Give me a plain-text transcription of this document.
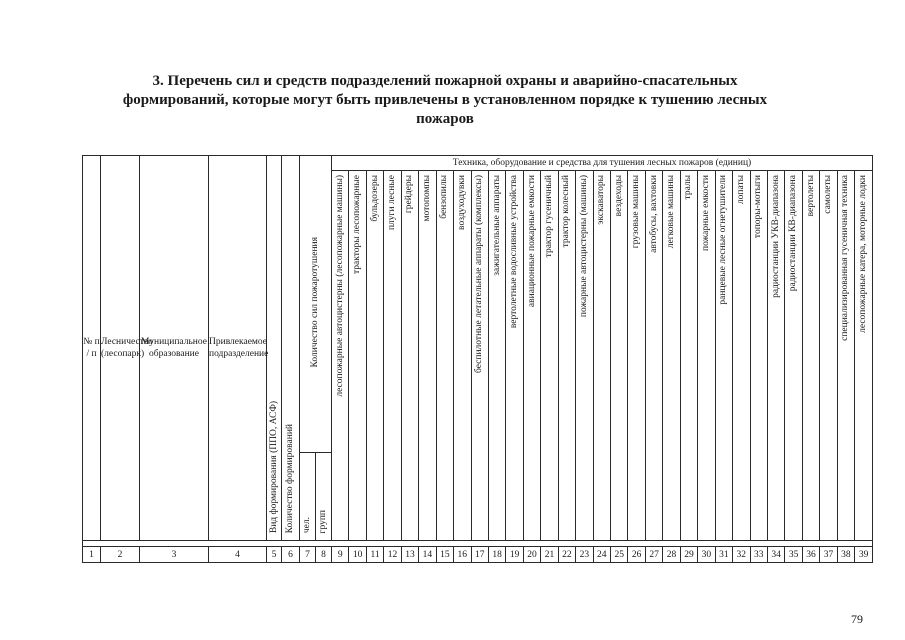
3. Перечень сил и средств подразделений пожарной охраны и аварийно-спасательных формирований, которые могут быть привлечены в установленном порядке к тушению лесных пожаров

№ п / п	Лесничество (лесопарк)	Муниципальное образование	Привлекаемое подразделение	Вид формирования (ППО, АСФ)	Количество формирований	Количество сил пожаротушения		Техника, оборудование и средства для тушения лесных пожаров (единиц)																														
								лесопожарные автоцистерны (лесопожарные машины)	тракторы лесопожарные	бульдозеры	плуги лесные	грейдеры	мотопомпы	бензопилы	воздуходувки	беспилотные летательные аппараты (комплексы)	зажигательные аппараты	вертолетные водосливные устройства	авиационные пожарные емкости	трактор гусеничный	трактор колесный	пожарные автоцистерны (машины)	экскаваторы	вездеходы	грузовые машины	автобусы, вахтовки	легковые машины	тралы	пожарные емкости	ранцевые лесные огнетушители	лопаты	топоры-мотыги	радиостанции УКВ-диапазона	радиостанции КВ-диапазона	вертолеты	самолеты	специализированная гусеничная техника	лесопожарные катера, моторные лодки
						чел.	групп																															

1	2	3	4	5	6	7	8	9	10	11	12	13	14	15	16	17	18	19	20	21	22	23	24	25	26	27	28	29	30	31	32	33	34	35	36	37	38	39
79
